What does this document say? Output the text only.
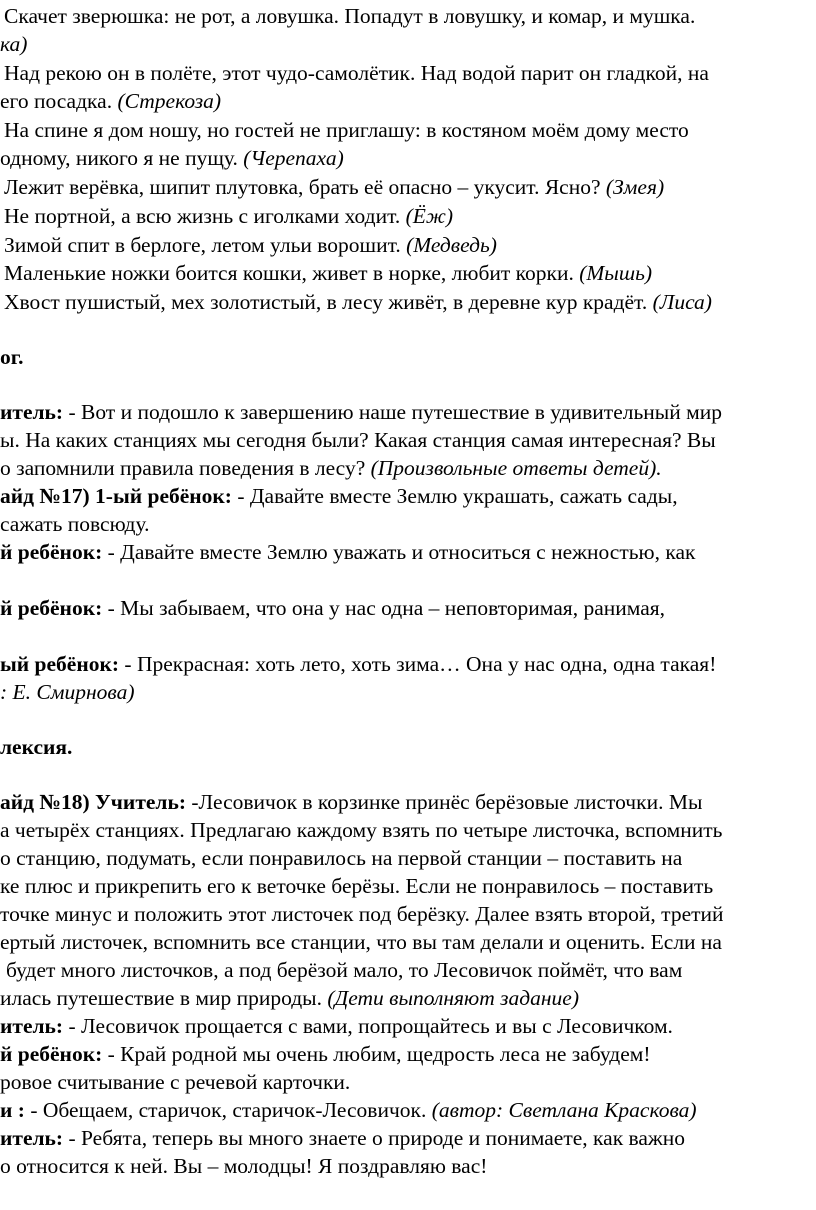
Скачет зверюшка: не рот, а ловушка. Попадут в ловушку, и комар, и мушка.
ка)
Над рекою он в полёте, этот чудо-самолётик. Над водой парит он гладкой, на
его посадка. (Стрекоза)
На спине я дом ношу, но гостей не приглашу: в костяном моём дому место
одному, никого я не пущу. (Черепаха)
Лежит верёвка, шипит плутовка, брать её опасно – укусит. Ясно? (Змея)
Не портной, а всю жизнь с иголками ходит. (Ёж)
Зимой спит в берлоге, летом ульи ворошит. (Медведь)
Маленькие ножки боится кошки, живет в норке, любит корки. (Мышь)
Хвост пушистый, мех золотистый, в лесу живёт, в деревне кур крадёт. (Лиса)
ог.
итель: - Вот и подошло к завершению наше путешествие в удивительный мир
ы. На каких станциях мы сегодня были? Какая станция самая интересная? Вы
о запомнили правила поведения в лесу? (Произвольные ответы детей).
айд №17) 1-ый ребёнок: - Давайте вместе Землю украшать, сажать сады,
сажать повсюду.
й ребёнок: - Давайте вместе Землю уважать и относиться с нежностью, как
й ребёнок: - Мы забываем, что она у нас одна – неповторимая, ранимая,
ый ребёнок: - Прекрасная: хоть лето, хоть зима… Она у нас одна, одна такая!
: Е. Смирнова)
лексия.
айд №18) Учитель: -Лесовичок в корзинке принёс берёзовые листочки. Мы
а четырёх станциях. Предлагаю каждому взять по четыре листочка, вспомнить
о станцию, подумать, если понравилось на первой станции – поставить на
ке плюс и прикрепить его к веточке берёзы. Если не понравилось – поставить
точке минус и положить этот листочек под берёзку. Далее взять второй, третий
ертый листочек, вспомнить все станции, что вы там делали и оценить. Если на
будет много листочков, а под берёзой мало, то Лесовичок поймёт, что вам
илась путешествие в мир природы. (Дети выполняют задание)
итель: - Лесовичок прощается с вами, попрощайтесь и вы с Лесовичком.
й ребёнок: - Край родной мы очень любим, щедрость леса не забудем!
ровое считывание с речевой карточки.
и : - Обещаем, старичок, старичок-Лесовичок. (автор: Светлана Краскова)
итель: - Ребята, теперь вы много знаете о природе и понимаете, как важно
о относится к ней. Вы – молодцы! Я поздравляю вас!
